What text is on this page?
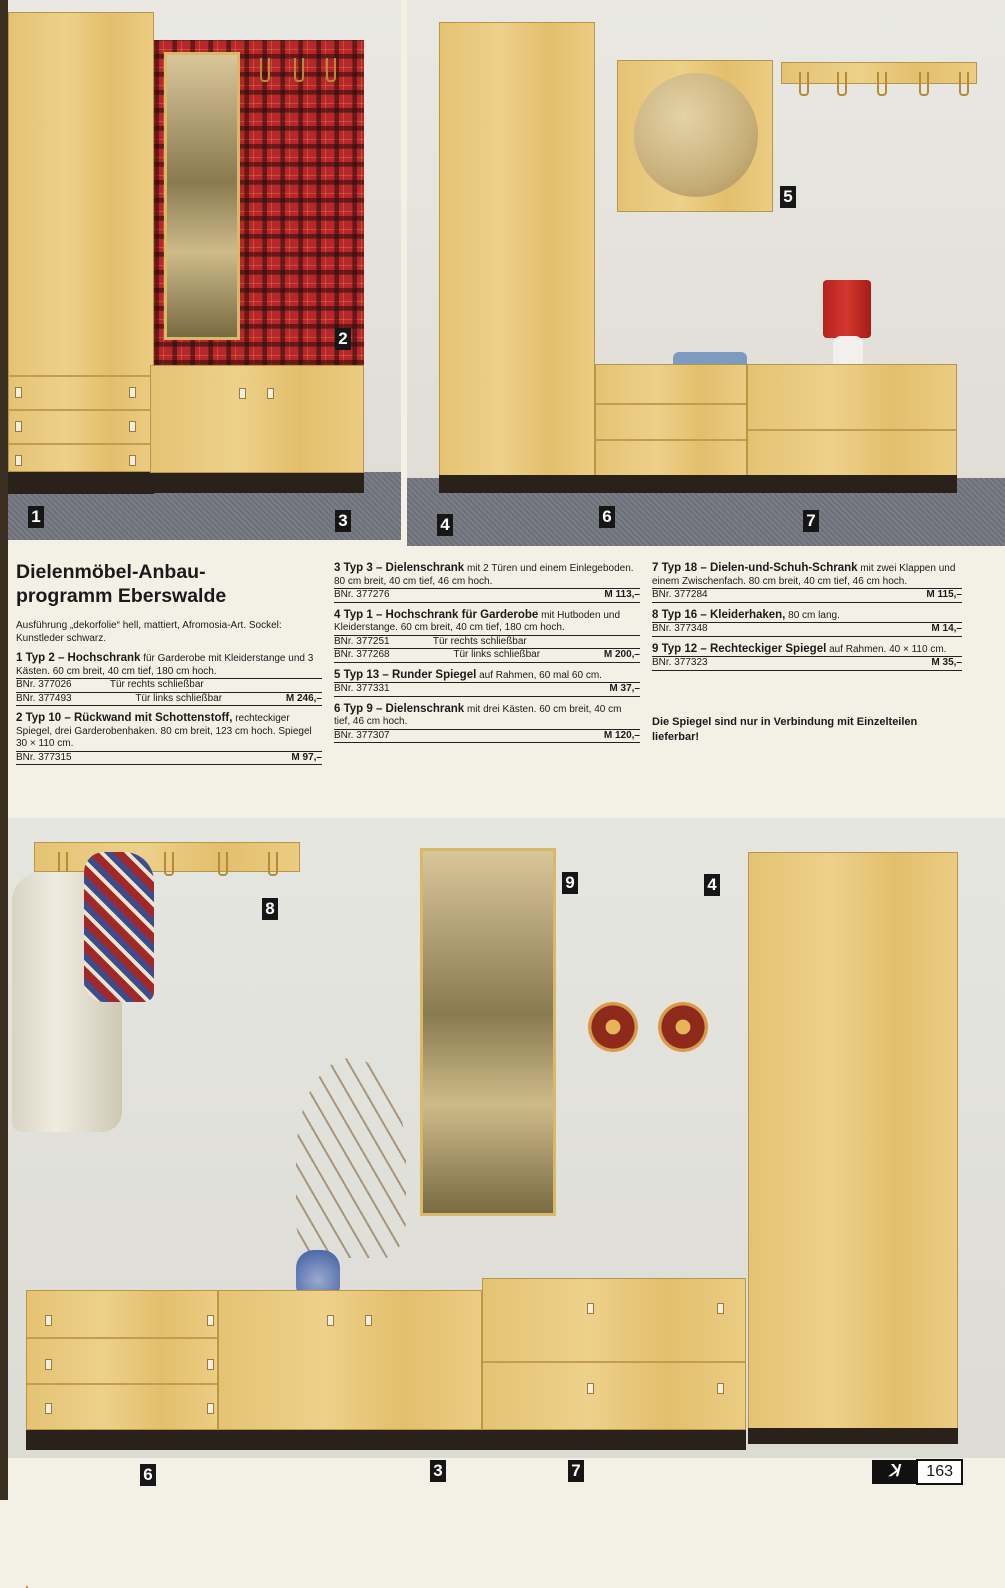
2
1	3
5
4	6	7
Dielenmöbel-Anbau-
programm Eberswalde
Ausführung „dekorfolie“ hell, mattiert, Afromosia-Art. Sockel: Kunstleder schwarz.
1 Typ 2 – Hochschrank für Garderobe mit Kleiderstange und 3 Kästen. 60 cm breit, 40 cm tief, 180 cm hoch.
BNr. 377026	Tür rechts schließbar
BNr. 377493	Tür links schließbar	M 246,–
2 Typ 10 – Rückwand mit Schottenstoff, rechteckiger Spiegel, drei Garderobenhaken. 80 cm breit, 123 cm hoch. Spiegel 30 × 110 cm.
BNr. 377315	M 97,–
3 Typ 3 – Dielenschrank mit 2 Türen und einem Einlegeboden. 80 cm breit, 40 cm tief, 46 cm hoch.
BNr. 377276	M 113,–
4 Typ 1 – Hochschrank für Garderobe mit Hutboden und Kleiderstange. 60 cm breit, 40 cm tief, 180 cm hoch.
BNr. 377251	Tür rechts schließbar
BNr. 377268	Tür links schließbar	M 200,–
5 Typ 13 – Runder Spiegel auf Rahmen, 60 mal 60 cm.
BNr. 377331	M 37,–
6 Typ 9 – Dielenschrank mit drei Kästen. 60 cm breit, 40 cm tief, 46 cm hoch.
BNr. 377307	M 120,–
7 Typ 18 – Dielen-und-Schuh-Schrank mit zwei Klappen und einem Zwischenfach. 80 cm breit, 40 cm tief, 46 cm hoch.
BNr. 377284	M 115,–
8 Typ 16 – Kleiderhaken, 80 cm lang.
BNr. 377348	M 14,–
9 Typ 12 – Rechteckiger Spiegel auf Rahmen. 40 × 110 cm.
BNr. 377323	M 35,–
Die Spiegel sind nur in Verbindung mit Einzelteilen lieferbar!
8
9	4
6	3	7	ꓘ	163
